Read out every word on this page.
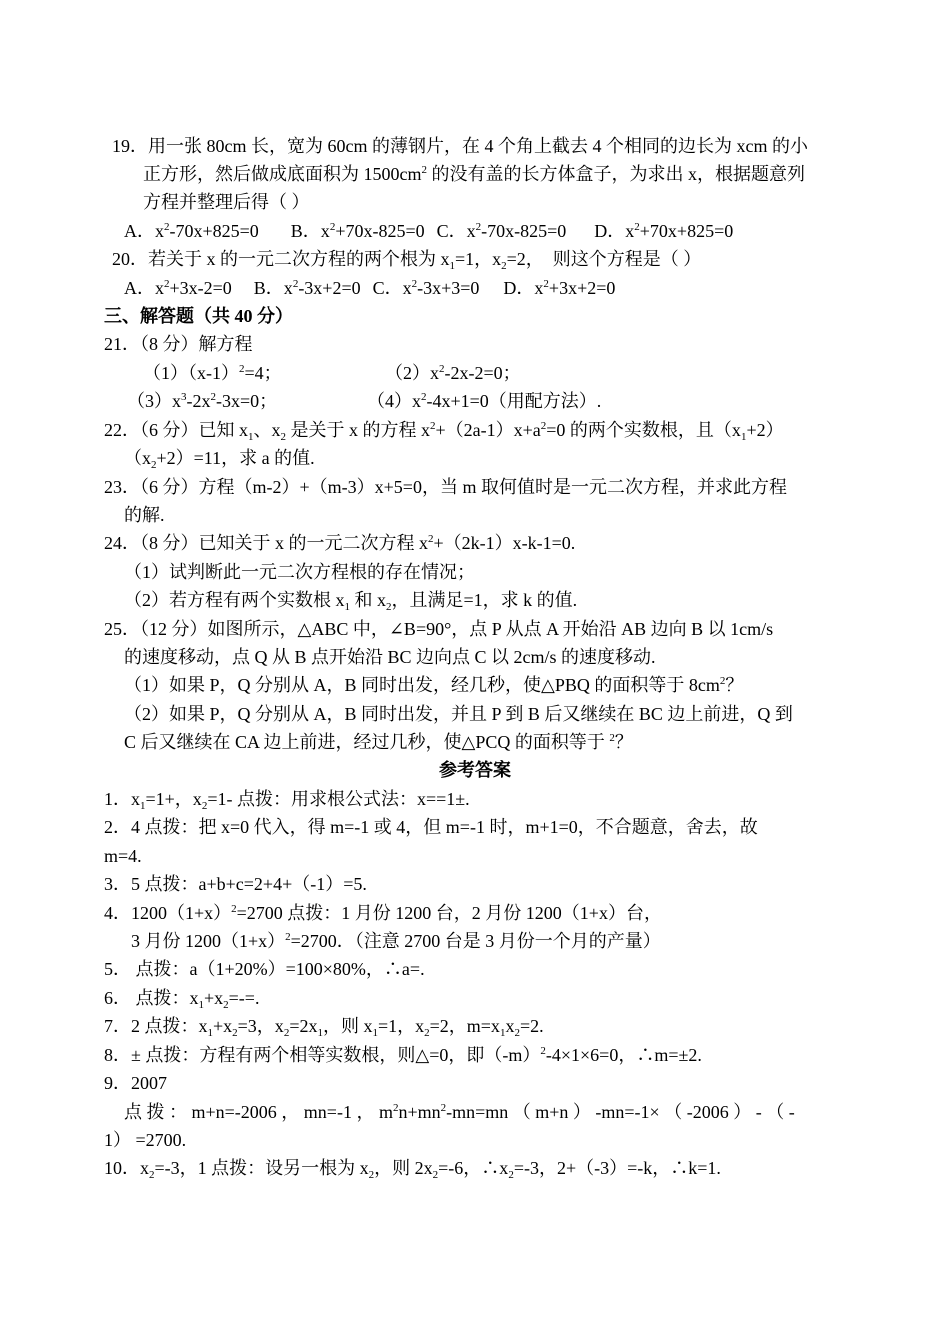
19．用一张 80cm 长，宽为 60cm 的薄钢片，在 4 个角上截去 4 个相同的边长为 xcm 的小
正方形，然后做成底面积为 $1500cm^2$ 的没有盖的长方体盒子，为求出 x，根据题意列
方程并整理后得（ ）
A．$x^2-70x+825=0$ B．$x^2+70x-825=0$ C．$x^2-70x-825=0$ D．$x^2+70x+825=0$
20．若关于 x 的一元二次方程的两个根为 $x_1=1$，$x_2=2$，　则这个方程是（ ）
A．$x^2+3x-2=0$ B．$x^2-3x+2=0$ C．$x^2-3x+3=0$ D．$x^2+3x+2=0$
三、解答题（共 40 分）
21．（8 分）解方程
$(1)(x-1)^2=4$；	$(2)x^2-2x-2=0$；
$(3)x^3-2x^2-3x=0$；	$(4)x^2-4x+1=0$（用配方法）.
22．（6 分）已知 $x_1$、$x_2$ 是关于 x 的方程 $x^2+(2a-1)x+a^2=0$ 的两个实数根，且$(x_1+2)$
$(x_2+2)=11$，求 a 的值.
23．（6 分）方程（m-2）+（m-3）x+5=0，当 m 取何值时是一元二次方程，并求此方程
的解.
24．（8 分）已知关于 x 的一元二次方程 $x^2+(2k-1)x-k-1=0$.
（1）试判断此一元二次方程根的存在情况；
（2）若方程有两个实数根 $x_1$ 和 $x_2$，且满足=1，求 k 的值.
25．（12 分）如图所示，△ABC 中，∠B=90°，点 P 从点 A 开始沿 AB 边向 B 以 1cm/s
的速度移动，点 Q 从 B 点开始沿 BC 边向点 C 以 2cm/s 的速度移动.
（1）如果 P，Q 分别从 A，B 同时出发，经几秒，使△PBQ 的面积等于 $8cm^2$？
（2）如果 P，Q 分别从 A，B 同时出发，并且 P 到 B 后又继续在 BC 边上前进，Q 到
C 后又继续在 CA 边上前进，经过几秒，使△PCQ 的面积等于 $^2$？
参考答案
1．$x_1=1+$，$x_2=1-$ 点拨：用求根公式法：x==1±.
2．4 点拨：把 x=0 代入，得 m=-1 或 4，但 m=-1 时，m+1=0，不合题意，舍去，故
m=4.
3．5 点拨：a+b+c=2+4+（-1）=5.
4．$1200(1+x)^2=2700$ 点拨：1 月份 1200 台，2 月份 1200（1+x）台，
3 月份 $1200(1+x)^2=2700$．（注意 2700 台是 3 月份一个月的产量）
5． 点拨：a（1+20%）=100×80%，∴a=.
6． 点拨：$x_1+x_2=-=$.
7．2 点拨：$x_1+x_2=3$，$x_2=2x_1$，则 $x_1=1$，$x_2=2$，$m=x_1x_2=2$.
8．± 点拨：方程有两个相等实数根，则△=0，即$(-m)^2-4\times 1\times 6=0$，∴m=±2.
9．2007
点 拨 ： m+n=-2006 ， mn=-1 ， $m^2n+mn^2-mn=mn$ （ m+n ） -mn=-1× （ -2006 ） - （ -
1） =2700.
10．$x_2=-3$，1 点拨：设另一根为 $x_2$，则 $2x_2=-6$，$\therefore x_2=-3$，2+（-3）=-k，∴k=1.
